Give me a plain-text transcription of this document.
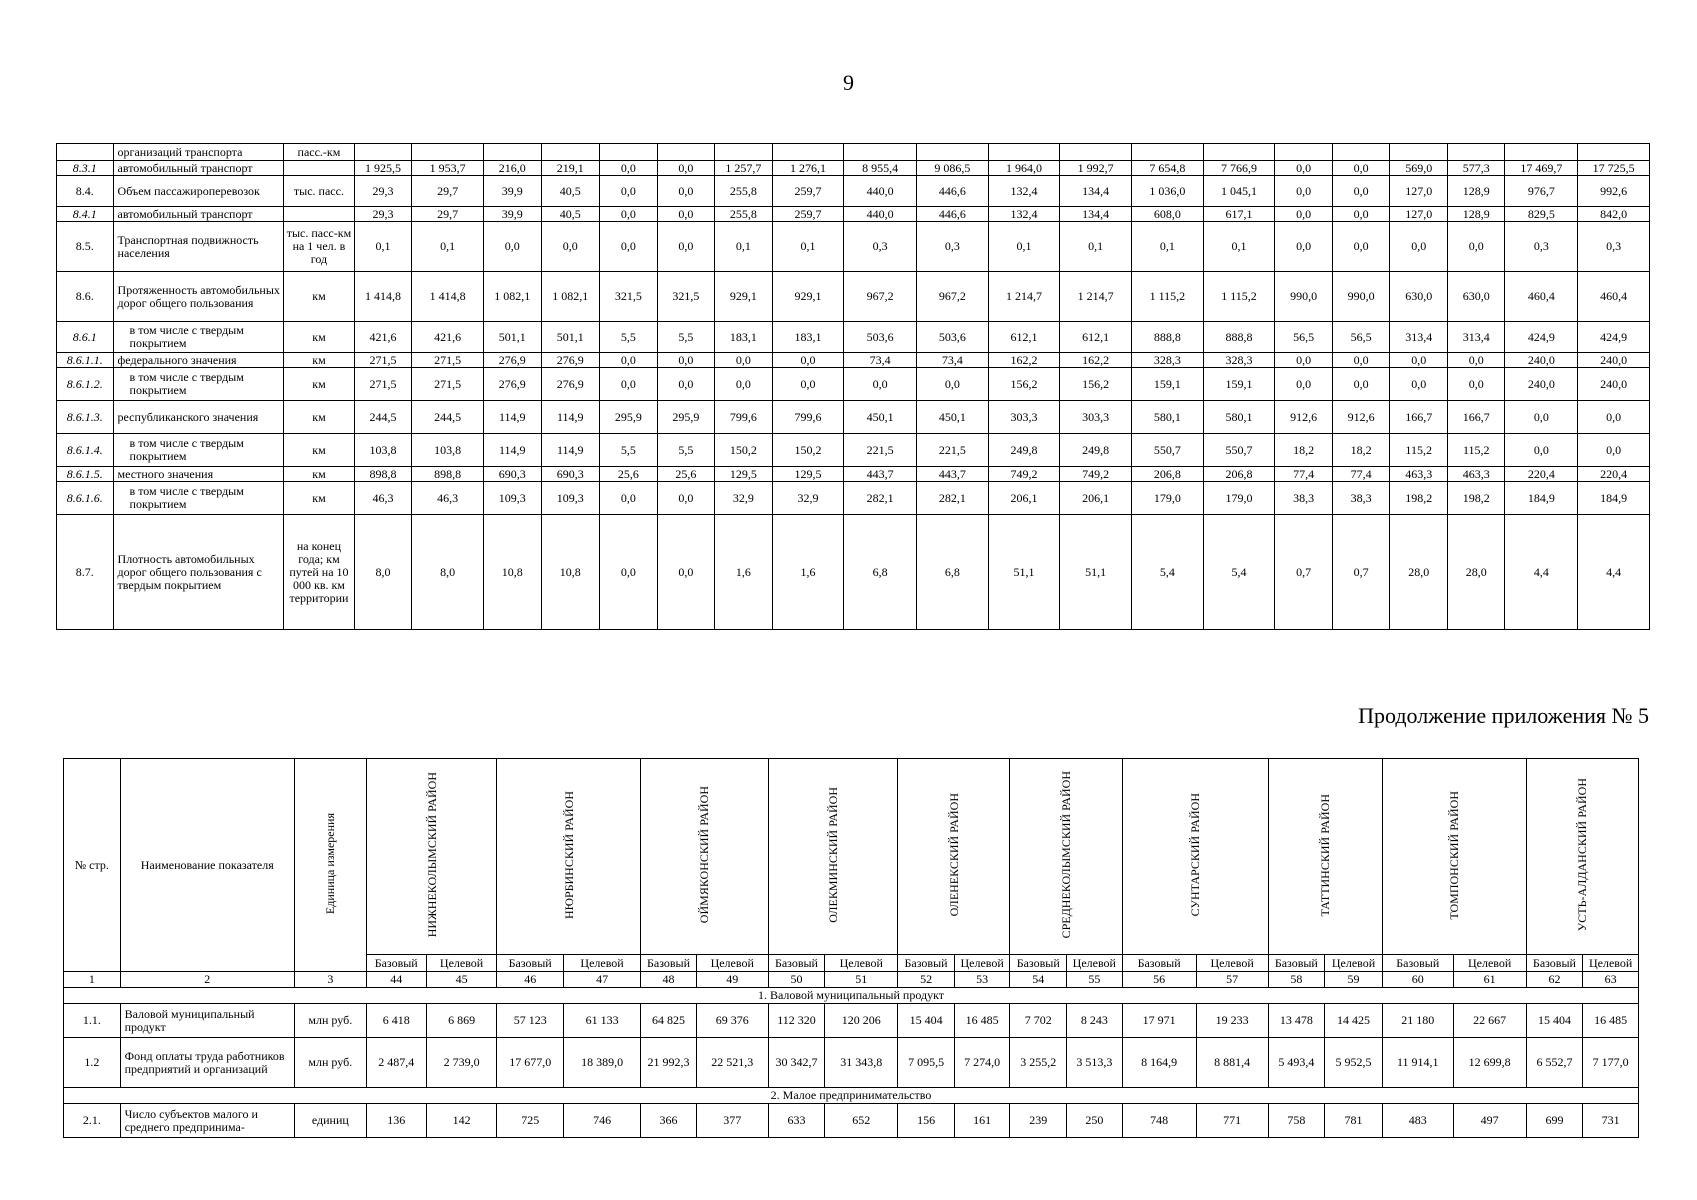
9
	организаций транспорта	пасс.-км																				
8.3.1	автомобильный транспорт		1 925,5	1 953,7	216,0	219,1	0,0	0,0	1 257,7	1 276,1	8 955,4	9 086,5	1 964,0	1 992,7	7 654,8	7 766,9	0,0	0,0	569,0	577,3	17 469,7	17 725,5
8.4.	Объем пассажироперевозок	тыс. пасс.	29,3	29,7	39,9	40,5	0,0	0,0	255,8	259,7	440,0	446,6	132,4	134,4	1 036,0	1 045,1	0,0	0,0	127,0	128,9	976,7	992,6
8.4.1	автомобильный транспорт		29,3	29,7	39,9	40,5	0,0	0,0	255,8	259,7	440,0	446,6	132,4	134,4	608,0	617,1	0,0	0,0	127,0	128,9	829,5	842,0
8.5.	Транспортная подвижность населения	тыс. пасс-км на 1 чел. в год	0,1	0,1	0,0	0,0	0,0	0,0	0,1	0,1	0,3	0,3	0,1	0,1	0,1	0,1	0,0	0,0	0,0	0,0	0,3	0,3
8.6.	Протяженность автомобильных дорог общего пользования	км	1 414,8	1 414,8	1 082,1	1 082,1	321,5	321,5	929,1	929,1	967,2	967,2	1 214,7	1 214,7	1 115,2	1 115,2	990,0	990,0	630,0	630,0	460,4	460,4
8.6.1	в том числе с твердым покрытием	км	421,6	421,6	501,1	501,1	5,5	5,5	183,1	183,1	503,6	503,6	612,1	612,1	888,8	888,8	56,5	56,5	313,4	313,4	424,9	424,9
8.6.1.1.	федерального значения	км	271,5	271,5	276,9	276,9	0,0	0,0	0,0	0,0	73,4	73,4	162,2	162,2	328,3	328,3	0,0	0,0	0,0	0,0	240,0	240,0
8.6.1.2.	в том числе с твердым покрытием	км	271,5	271,5	276,9	276,9	0,0	0,0	0,0	0,0	0,0	0,0	156,2	156,2	159,1	159,1	0,0	0,0	0,0	0,0	240,0	240,0
8.6.1.3.	республиканского значения	км	244,5	244,5	114,9	114,9	295,9	295,9	799,6	799,6	450,1	450,1	303,3	303,3	580,1	580,1	912,6	912,6	166,7	166,7	0,0	0,0
8.6.1.4.	в том числе с твердым покрытием	км	103,8	103,8	114,9	114,9	5,5	5,5	150,2	150,2	221,5	221,5	249,8	249,8	550,7	550,7	18,2	18,2	115,2	115,2	0,0	0,0
8.6.1.5.	местного значения	км	898,8	898,8	690,3	690,3	25,6	25,6	129,5	129,5	443,7	443,7	749,2	749,2	206,8	206,8	77,4	77,4	463,3	463,3	220,4	220,4
8.6.1.6.	в том числе с твердым покрытием	км	46,3	46,3	109,3	109,3	0,0	0,0	32,9	32,9	282,1	282,1	206,1	206,1	179,0	179,0	38,3	38,3	198,2	198,2	184,9	184,9
8.7.	Плотность автомобильных дорог общего пользования с твердым покрытием	на конец года; км путей на 10 000 кв. км территории	8,0	8,0	10,8	10,8	0,0	0,0	1,6	1,6	6,8	6,8	51,1	51,1	5,4	5,4	0,7	0,7	28,0	28,0	4,4	4,4
Продолжение приложения № 5
№ стр.	Наименование показателя	Единица измерения	НИЖНЕКОЛЫМСКИЙ РАЙОН		НЮРБИНСКИЙ РАЙОН		ОЙМЯКОНСКИЙ РАЙОН		ОЛЕКМИНСКИЙ РАЙОН		ОЛЕНЕКСКИЙ РАЙОН		СРЕДНЕКОЛЫМСКИЙ РАЙОН		СУНТАРСКИЙ РАЙОН		ТАТТИНСКИЙ РАЙОН		ТОМПОНСКИЙ РАЙОН		УСТЬ-АЛДАНСКИЙ РАЙОН	
			Базовый	Целевой	Базовый	Целевой	Базовый	Целевой	Базовый	Целевой	Базовый	Целевой	Базовый	Целевой	Базовый	Целевой	Базовый	Целевой	Базовый	Целевой	Базовый	Целевой
1	2	3	44	45	46	47	48	49	50	51	52	53	54	55	56	57	58	59	60	61	62	63
1. Валовой муниципальный продукт																						
1.1.	Валовой муниципальный продукт	млн руб.	6 418	6 869	57 123	61 133	64 825	69 376	112 320	120 206	15 404	16 485	7 702	8 243	17 971	19 233	13 478	14 425	21 180	22 667	15 404	16 485
1.2	Фонд оплаты труда работников предприятий и организаций	млн руб.	2 487,4	2 739,0	17 677,0	18 389,0	21 992,3	22 521,3	30 342,7	31 343,8	7 095,5	7 274,0	3 255,2	3 513,3	8 164,9	8 881,4	5 493,4	5 952,5	11 914,1	12 699,8	6 552,7	7 177,0
2. Малое предпринимательство																						
2.1.	Число субъектов малого и среднего предпринима-	единиц	136	142	725	746	366	377	633	652	156	161	239	250	748	771	758	781	483	497	699	731
